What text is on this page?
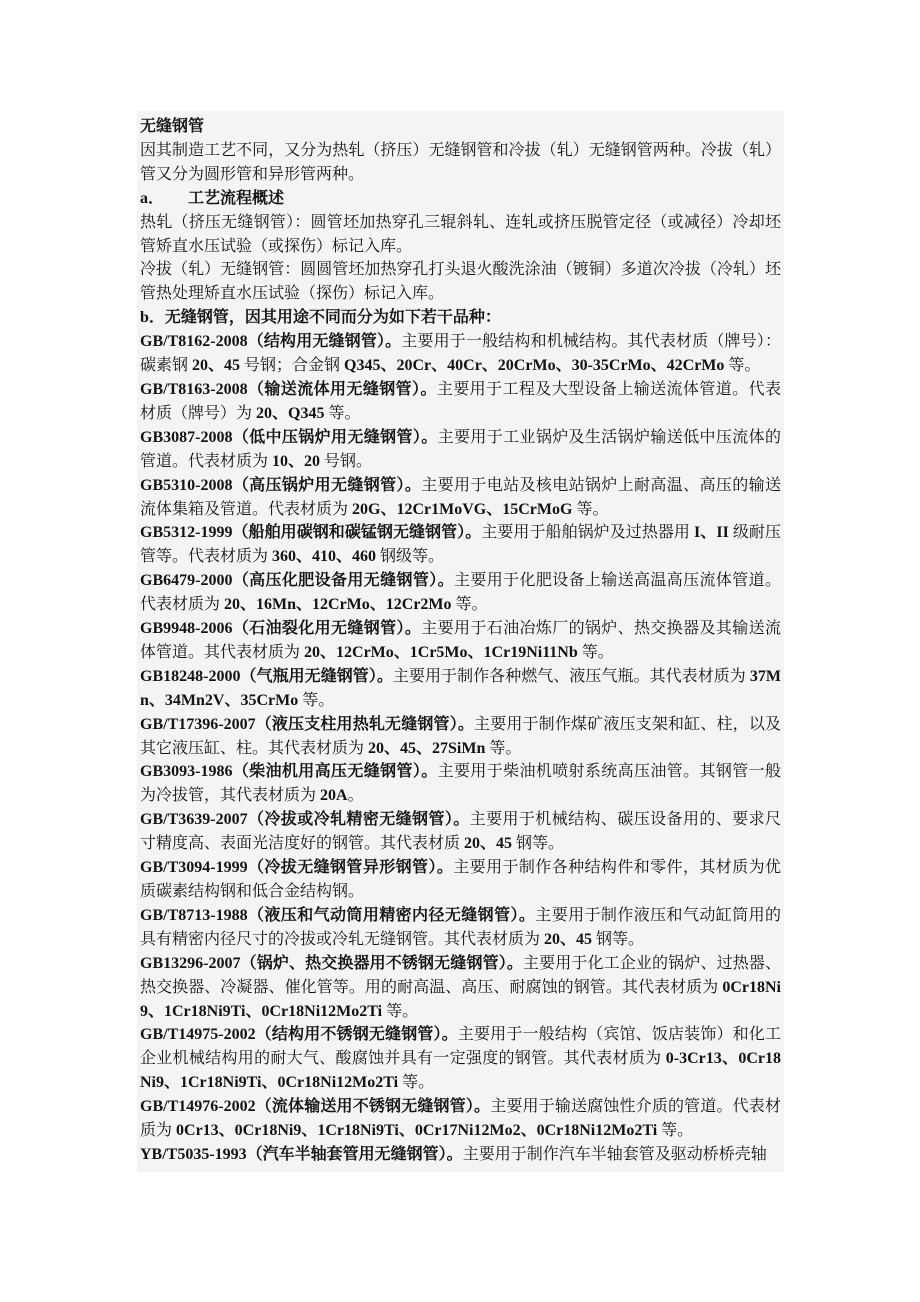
无缝钢管

因其制造工艺不同，又分为热轧（挤压）无缝钢管和冷拔（轧）无缝钢管两种。冷拔（轧）管又分为圆形管和异形管两种。

a．　　工艺流程概述

热轧（挤压无缝钢管）：圆管坯加热穿孔三辊斜轧、连轧或挤压脱管定径（或减径）冷却坯管矫直水压试验（或探伤）标记入库。

冷拔（轧）无缝钢管：圆圆管坯加热穿孔打头退火酸洗涂油（镀铜）多道次冷拔（冷轧）坯管热处理矫直水压试验（探伤）标记入库。

b．无缝钢管，因其用途不同而分为如下若干品种：

GB/T8162-2008（结构用无缝钢管）。主要用于一般结构和机械结构。其代表材质（牌号）：碳素钢 20、45 号钢；合金钢 Q345、20Cr、40Cr、20CrMo、30-35CrMo、42CrMo 等。

GB/T8163-2008（输送流体用无缝钢管）。主要用于工程及大型设备上输送流体管道。代表材质（牌号）为 20、Q345 等。

GB3087-2008（低中压锅炉用无缝钢管）。主要用于工业锅炉及生活锅炉输送低中压流体的管道。代表材质为 10、20 号钢。

GB5310-2008（高压锅炉用无缝钢管）。主要用于电站及核电站锅炉上耐高温、高压的输送流体集箱及管道。代表材质为 20G、12Cr1MoVG、15CrMoG 等。

GB5312-1999（船舶用碳钢和碳锰钢无缝钢管）。主要用于船舶锅炉及过热器用 I、II 级耐压管等。代表材质为 360、410、460 钢级等。

GB6479-2000（高压化肥设备用无缝钢管）。主要用于化肥设备上输送高温高压流体管道。代表材质为 20、16Mn、12CrMo、12Cr2Mo 等。

GB9948-2006（石油裂化用无缝钢管）。主要用于石油冶炼厂的锅炉、热交换器及其输送流体管道。其代表材质为 20、12CrMo、1Cr5Mo、1Cr19Ni11Nb 等。

GB18248-2000（气瓶用无缝钢管）。主要用于制作各种燃气、液压气瓶。其代表材质为 37Mn、34Mn2V、35CrMo 等。

GB/T17396-2007（液压支柱用热轧无缝钢管）。主要用于制作煤矿液压支架和缸、柱，以及其它液压缸、柱。其代表材质为 20、45、27SiMn 等。

GB3093-1986（柴油机用高压无缝钢管）。主要用于柴油机喷射系统高压油管。其钢管一般为冷拔管，其代表材质为 20A。

GB/T3639-2007（冷拔或冷轧精密无缝钢管）。主要用于机械结构、碳压设备用的、要求尺寸精度高、表面光洁度好的钢管。其代表材质 20、45 钢等。

GB/T3094-1999（冷拔无缝钢管异形钢管）。主要用于制作各种结构件和零件，其材质为优质碳素结构钢和低合金结构钢。

GB/T8713-1988（液压和气动筒用精密内径无缝钢管）。主要用于制作液压和气动缸筒用的具有精密内径尺寸的冷拔或冷轧无缝钢管。其代表材质为 20、45 钢等。

GB13296-2007（锅炉、热交换器用不锈钢无缝钢管）。主要用于化工企业的锅炉、过热器、热交换器、冷凝器、催化管等。用的耐高温、高压、耐腐蚀的钢管。其代表材质为 0Cr18Ni9、1Cr18Ni9Ti、0Cr18Ni12Mo2Ti 等。

GB/T14975-2002（结构用不锈钢无缝钢管）。主要用于一般结构（宾馆、饭店装饰）和化工企业机械结构用的耐大气、酸腐蚀并具有一定强度的钢管。其代表材质为 0-3Cr13、0Cr18Ni9、1Cr18Ni9Ti、0Cr18Ni12Mo2Ti 等。

GB/T14976-2002（流体输送用不锈钢无缝钢管）。主要用于输送腐蚀性介质的管道。代表材质为 0Cr13、0Cr18Ni9、1Cr18Ni9Ti、0Cr17Ni12Mo2、0Cr18Ni12Mo2Ti 等。

YB/T5035-1993（汽车半轴套管用无缝钢管）。主要用于制作汽车半轴套管及驱动桥桥壳轴
